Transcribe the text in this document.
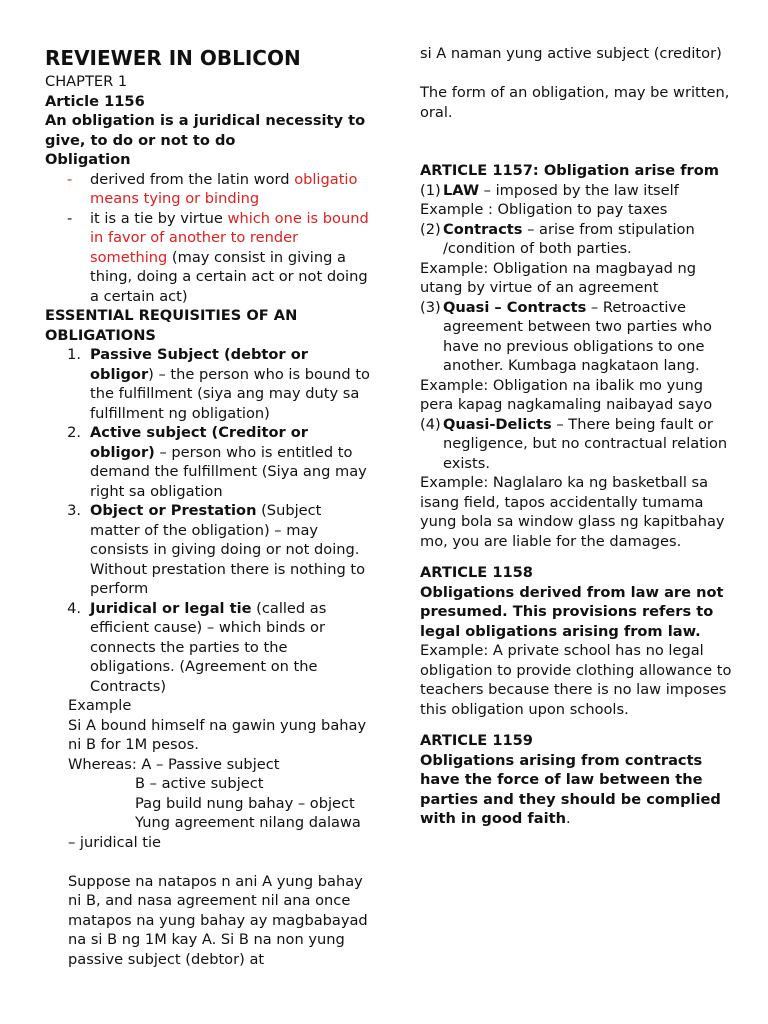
REVIEWER IN OBLICON

CHAPTER 1

Article 1156

An obligation is a juridical necessity to give, to do or not to do

Obligation

-	derived from the latin word obligatio means tying or binding
-	it is a tie by virtue which one is bound in favor of another to render something (may consist in giving a thing, doing a certain act or not doing a certain act)

ESSENTIAL REQUISITIES OF AN OBLIGATIONS

1. Passive Subject (debtor or obligor) – the person who is bound to the fulfillment (siya ang may duty sa fulfillment ng obligation)
2. Active subject (Creditor or obligor) – person who is entitled to demand the fulfillment (Siya ang may right sa obligation
3. Object or Prestation (Subject matter of the obligation) – may consists in giving doing or not doing. Without prestation there is nothing to perform
4. Juridical or legal tie (called as efficient cause) – which binds or connects the parties to the obligations. (Agreement on the Contracts)

Example

Si A bound himself na gawin yung bahay ni B for 1M pesos.

Whereas: A – Passive subject

B – active subject

Pag build nung bahay – object

Yung agreement nilang dalawa

– juridical tie

Suppose na natapos n ani A yung bahay ni B, and nasa agreement nil ana once matapos na yung bahay ay magbabayad na si B ng 1M kay A. Si B na non yung passive subject (debtor) at

si A naman yung active subject (creditor)

The form of an obligation, may be written, oral.

ARTICLE 1157: Obligation arise from

(1) LAW – imposed by the law itself

Example : Obligation to pay taxes

(2) Contracts – arise from stipulation /condition of both parties.

Example: Obligation na magbayad ng utang by virtue of an agreement

(3) Quasi – Contracts – Retroactive agreement between two parties who have no previous obligations to one another. Kumbaga nagkataon lang.

Example: Obligation na ibalik mo yung pera kapag nagkamaling naibayad sayo

(4) Quasi-Delicts – There being fault or negligence, but no contractual relation exists.

Example: Naglalaro ka ng basketball sa isang field, tapos accidentally tumama yung bola sa window glass ng kapitbahay mo, you are liable for the damages.

ARTICLE 1158

Obligations derived from law are not presumed. This provisions refers to legal obligations arising from law.

Example: A private school has no legal obligation to provide clothing allowance to teachers because there is no law imposes this obligation upon schools.

ARTICLE 1159

Obligations arising from contracts have the force of law between the parties and they should be complied with in good faith.
